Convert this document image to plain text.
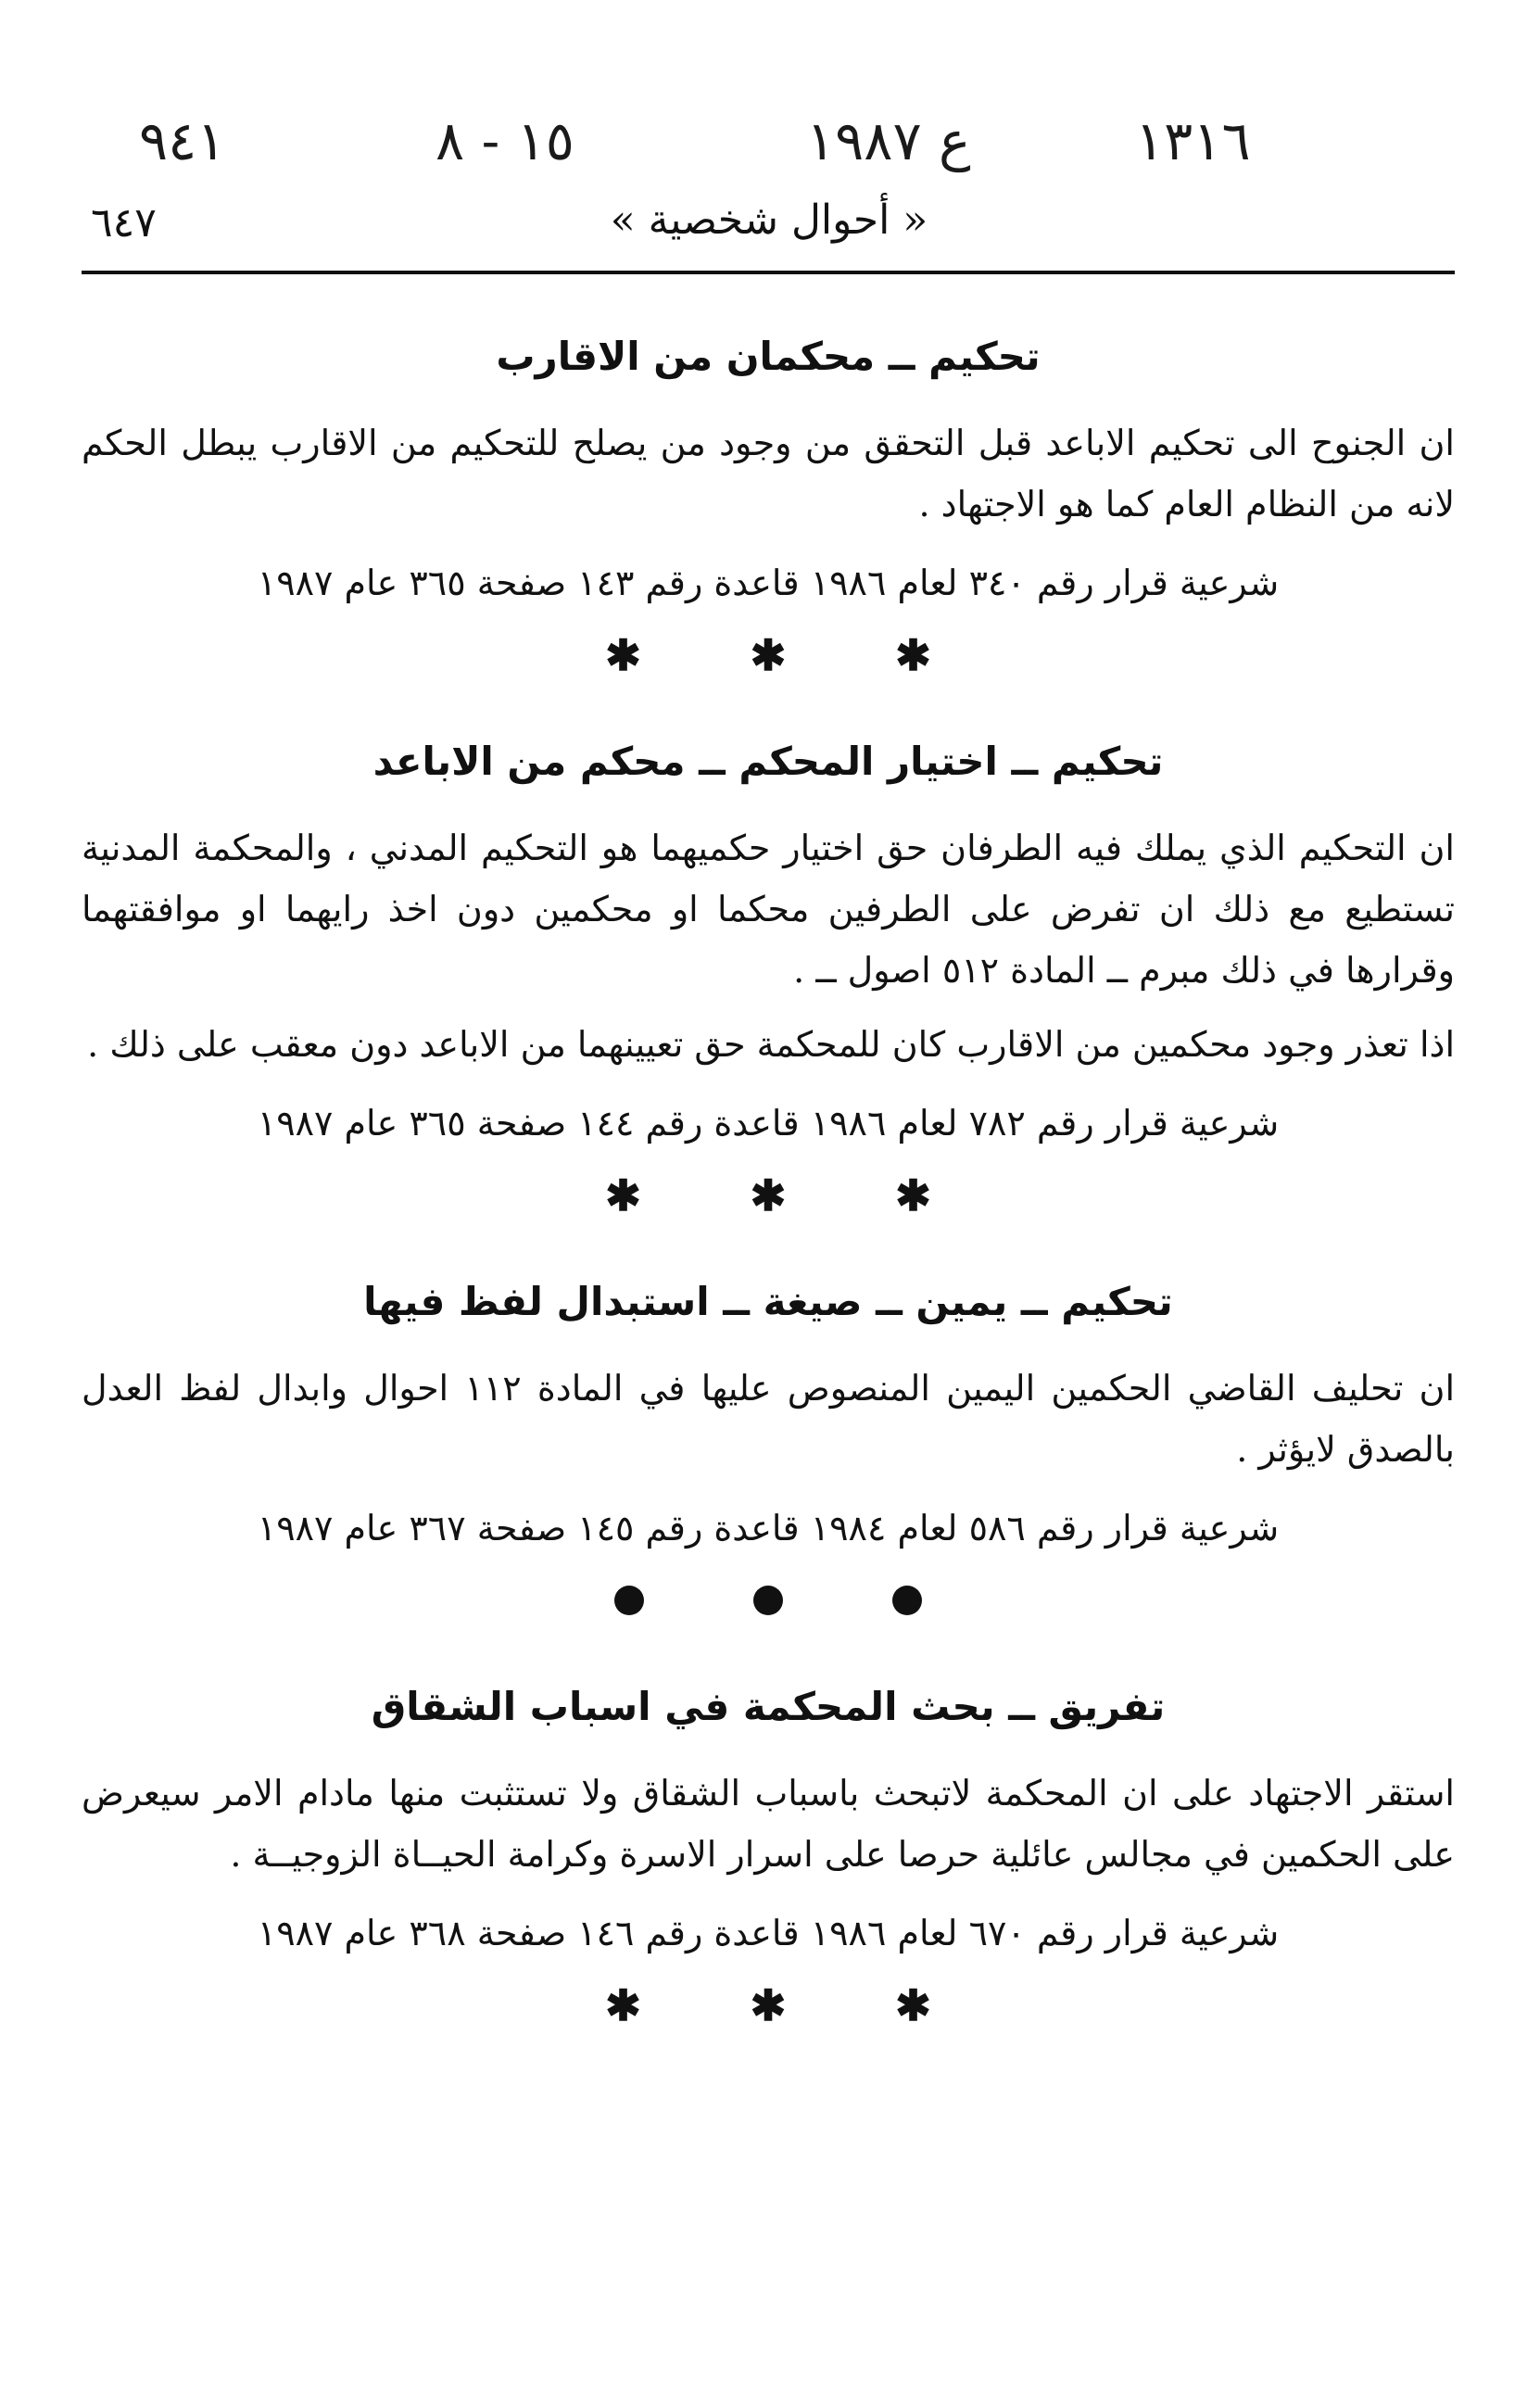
٩٤١	١٥ - ٨	ع ١٩٨٧	١٣١٦
٦٤٧	« أحوال شخصية »
تحكيم ــ محكمان من الاقارب

ان الجنوح الى تحكيم الاباعد قبل التحقق من وجود من يصلح للتحكيم من الاقارب يبطل الحكم لانه من النظام العام كما هو الاجتهاد .

شرعية قرار رقم ٣٤٠ لعام ١٩٨٦ قاعدة رقم ١٤٣ صفحة ٣٦٥ عام ١٩٨٧
✱
✱
✱
تحكيم ــ اختيار المحكم ــ محكم من الاباعد

ان التحكيم الذي يملك فيه الطرفان حق اختيار حكميهما هو التحكيم المدني ، والمحكمة المدنية تستطيع مع ذلك ان تفرض على الطرفين محكما او محكمين دون اخذ رايهما او موافقتهما وقرارها في ذلك مبرم ــ المادة ٥١٢ اصول ــ .

اذا تعذر وجود محكمين من الاقارب كان للمحكمة حق تعيينهما من الاباعد دون معقب على ذلك .

شرعية قرار رقم ٧٨٢ لعام ١٩٨٦ قاعدة رقم ١٤٤ صفحة ٣٦٥ عام ١٩٨٧
✱
✱
✱
تحكيم ــ يمين ــ صيغة ــ استبدال لفظ فيها

ان تحليف القاضي الحكمين اليمين المنصوص عليها في المادة ١١٢ احوال وابدال لفظ العدل بالصدق لايؤثر .

شرعية قرار رقم ٥٨٦ لعام ١٩٨٤ قاعدة رقم ١٤٥ صفحة ٣٦٧ عام ١٩٨٧
تفريق ــ بحث المحكمة في اسباب الشقاق

استقر الاجتهاد على ان المحكمة لاتبحث باسباب الشقاق ولا تستثبت منها مادام الامر سيعرض على الحكمين في مجالس عائلية حرصا على اسرار الاسرة وكرامة الحيــاة الزوجيــة .

شرعية قرار رقم ٦٧٠ لعام ١٩٨٦ قاعدة رقم ١٤٦ صفحة ٣٦٨ عام ١٩٨٧
✱
✱
✱
